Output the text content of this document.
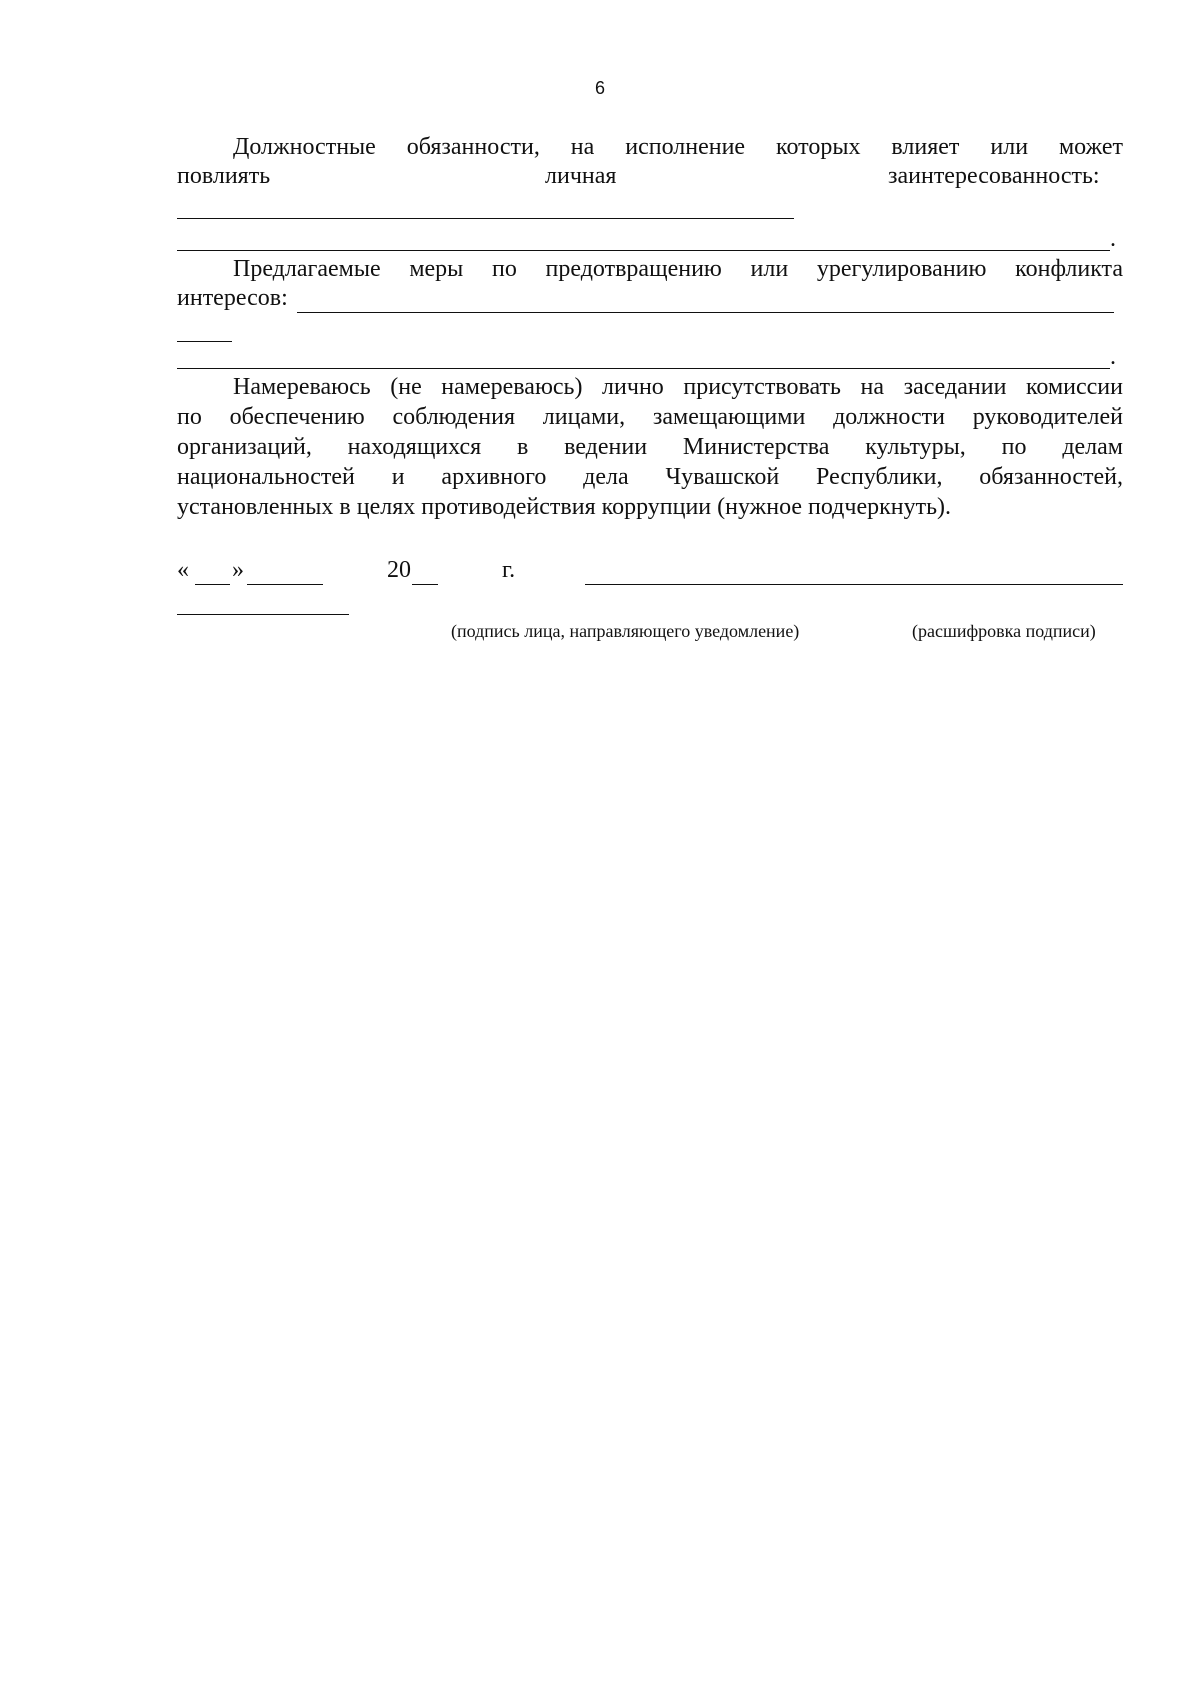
6
Должностные обязанности, на исполнение которых влияет или может
повлиять	личная	заинтересованность:
.
Предлагаемые меры по предотвращению или урегулированию конфликта
интересов:
.
Намереваюсь (не намереваюсь) лично присутствовать на заседании комиссии
по обеспечению соблюдения лицами, замещающими должности руководителей
организаций, находящихся в ведении Министерства культуры, по делам
национальностей и архивного дела Чувашской Республики, обязанностей,
установленных в целях противодействия коррупции (нужное подчеркнуть).
« »	20	г.
(подпись лица, направляющего уведомление)	(расшифровка подписи)
